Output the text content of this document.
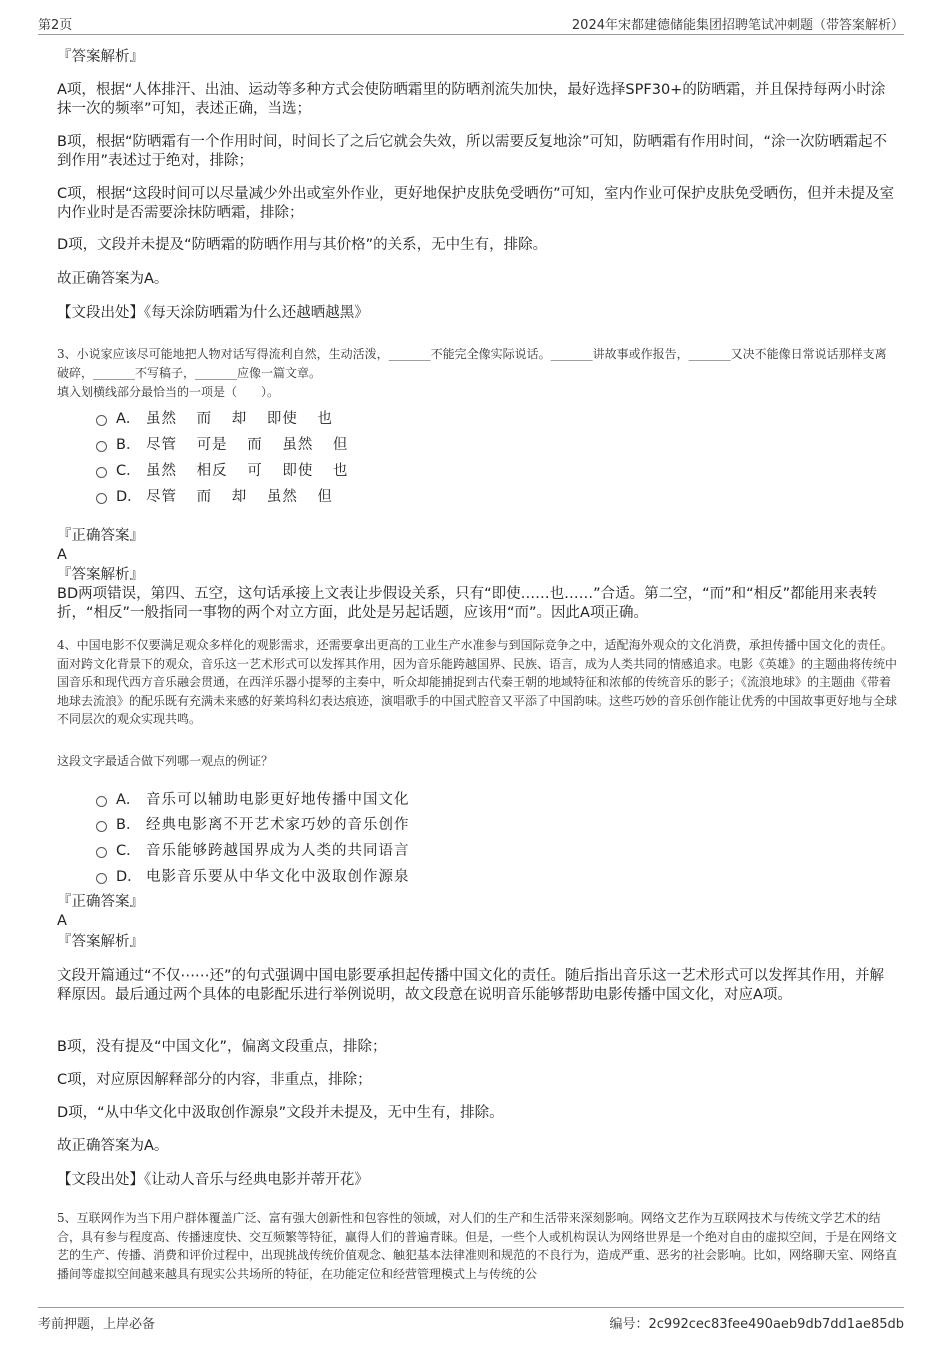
第2页	2024年宋都建德储能集团招聘笔试冲刺题（带答案解析）
『答案解析』
A项，根据“人体排汗、出油、运动等多种方式会使防晒霜里的防晒剂流失加快，最好选择SPF30+的防晒霜，并且保持每两小时涂抹一次的频率”可知，表述正确，当选；
B项，根据“防晒霜有一个作用时间，时间长了之后它就会失效，所以需要反复地涂”可知，防晒霜有作用时间，“涂一次防晒霜起不到作用”表述过于绝对，排除；
C项，根据“这段时间可以尽量减少外出或室外作业，更好地保护皮肤免受晒伤”可知，室内作业可保护皮肤免受晒伤，但并未提及室内作业时是否需要涂抹防晒霜，排除；
D项，文段并未提及“防晒霜的防晒作用与其价格”的关系，无中生有，排除。
故正确答案为A。
【文段出处】《每天涂防晒霜为什么还越晒越黑》
3、小说家应该尽可能地把人物对话写得流利自然，生动活泼，_______不能完全像实际说话。_______讲故事或作报告，_______又决不能像日常说话那样支离破碎，_______不写稿子，_______应像一篇文章。
填入划横线部分最恰当的一项是（　　）。
A． 虽然 而 却 即使 也
B． 尽管 可是 而 虽然 但
C． 虽然 相反 可 即使 也
D． 尽管 而 却 虽然 但
『正确答案』
A
『答案解析』
BD两项错误，第四、五空，这句话承接上文表让步假设关系，只有“即使……也……”合适。第二空，“而”和“相反”都能用来表转折，“相反”一般指同一事物的两个对立方面，此处是另起话题，应该用“而”。因此A项正确。
4、中国电影不仅要满足观众多样化的观影需求，还需要拿出更高的工业生产水准参与到国际竞争之中，适配海外观众的文化消费，承担传播中国文化的责任。面对跨文化背景下的观众，音乐这一艺术形式可以发挥其作用，因为音乐能跨越国界、民族、语言，成为人类共同的情感追求。电影《英雄》的主题曲将传统中国音乐和现代西方音乐融会贯通，在西洋乐器小提琴的主奏中，听众却能捕捉到古代秦王朝的地域特征和浓郁的传统音乐的影子；《流浪地球》的主题曲《带着地球去流浪》的配乐既有充满未来感的好莱坞科幻表达痕迹，演唱歌手的中国式腔音又平添了中国韵味。这些巧妙的音乐创作能让优秀的中国故事更好地与全球不同层次的观众实现共鸣。
这段文字最适合做下列哪一观点的例证？
A． 音乐可以辅助电影更好地传播中国文化
B． 经典电影离不开艺术家巧妙的音乐创作
C． 音乐能够跨越国界成为人类的共同语言
D． 电影音乐要从中华文化中汲取创作源泉
『正确答案』
A
『答案解析』
文段开篇通过“不仅⋯⋯还”的句式强调中国电影要承担起传播中国文化的责任。随后指出音乐这一艺术形式可以发挥其作用，并解释原因。最后通过两个具体的电影配乐进行举例说明，故文段意在说明音乐能够帮助电影传播中国文化，对应A项。
B项，没有提及“中国文化”，偏离文段重点，排除；
C项，对应原因解释部分的内容，非重点，排除；
D项，“从中华文化中汲取创作源泉”文段并未提及，无中生有，排除。
故正确答案为A。
【文段出处】《让动人音乐与经典电影并蒂开花》
5、互联网作为当下用户群体覆盖广泛、富有强大创新性和包容性的领域，对人们的生产和生活带来深刻影响。网络文艺作为互联网技术与传统文学艺术的结合，具有参与程度高、传播速度快、交互频繁等特征，赢得人们的普遍青睐。但是，一些个人或机构误认为网络世界是一个绝对自由的虚拟空间，于是在网络文艺的生产、传播、消费和评价过程中，出现挑战传统价值观念、触犯基本法律准则和规范的不良行为，造成严重、恶劣的社会影响。比如，网络聊天室、网络直播间等虚拟空间越来越具有现实公共场所的特征，在功能定位和经营管理模式上与传统的公
考前押题，上岸必备	编号：2c992cec83fee490aeb9db7dd1ae85db
